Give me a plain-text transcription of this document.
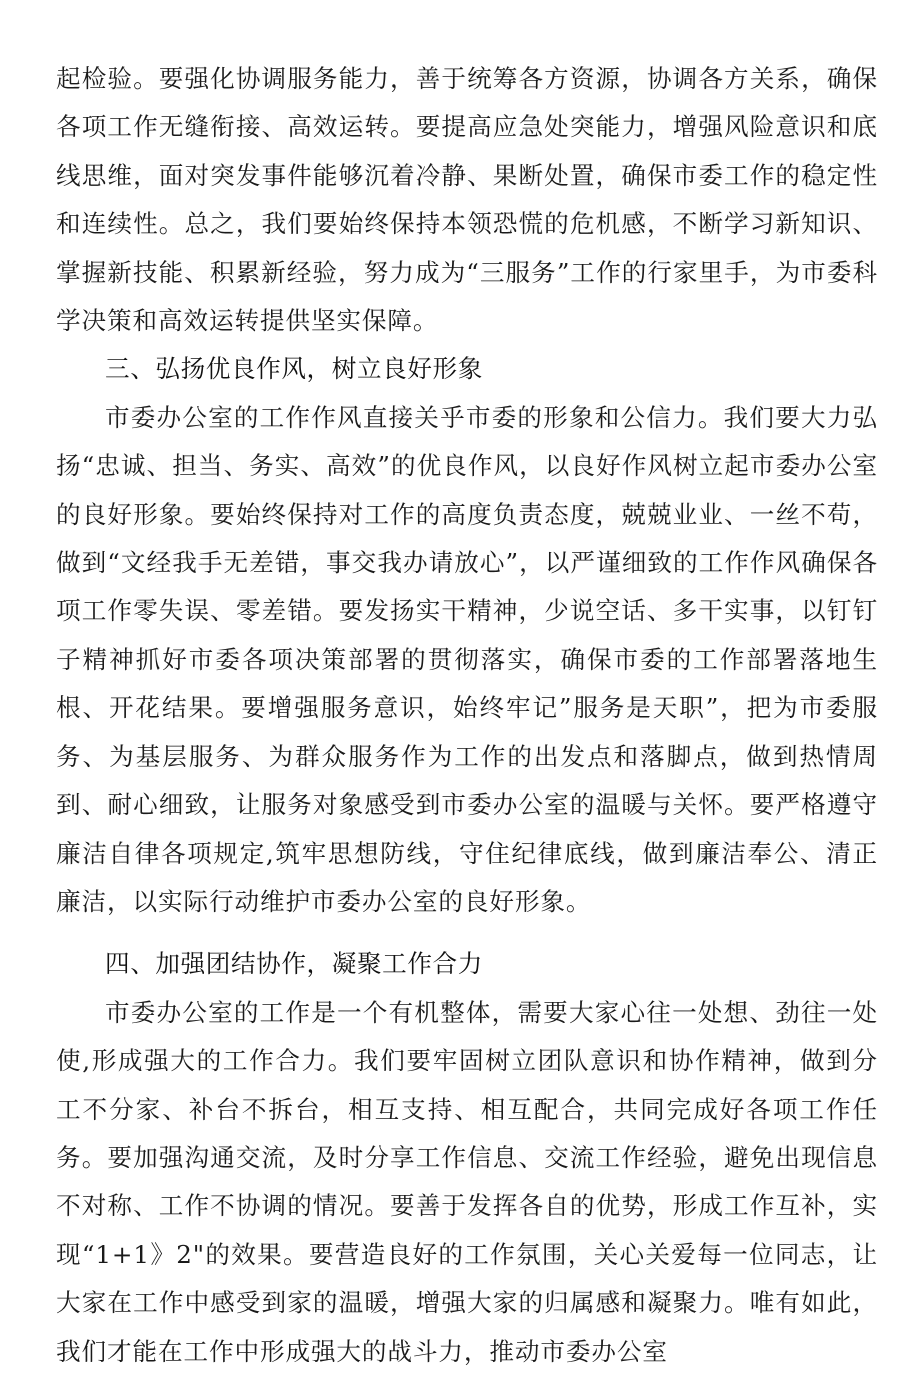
起检验。要强化协调服务能力，善于统筹各方资源，协调各方关系，确保各项工作无缝衔接、高效运转。要提高应急处突能力，增强风险意识和底线思维，面对突发事件能够沉着冷静、果断处置，确保市委工作的稳定性和连续性。总之，我们要始终保持本领恐慌的危机感，不断学习新知识、掌握新技能、积累新经验，努力成为“三服务”工作的行家里手，为市委科学决策和高效运转提供坚实保障。

三、弘扬优良作风，树立良好形象

市委办公室的工作作风直接关乎市委的形象和公信力。我们要大力弘扬“忠诚、担当、务实、高效”的优良作风，以良好作风树立起市委办公室的良好形象。要始终保持对工作的高度负责态度，兢兢业业、一丝不苟，做到“文经我手无差错，事交我办请放心”，以严谨细致的工作作风确保各项工作零失误、零差错。要发扬实干精神，少说空话、多干实事，以钉钉子精神抓好市委各项决策部署的贯彻落实，确保市委的工作部署落地生根、开花结果。要增强服务意识，始终牢记”服务是天职”，把为市委服务、为基层服务、为群众服务作为工作的出发点和落脚点，做到热情周到、耐心细致，让服务对象感受到市委办公室的温暖与关怀。要严格遵守廉洁自律各项规定,筑牢思想防线，守住纪律底线，做到廉洁奉公、清正廉洁，以实际行动维护市委办公室的良好形象。

四、加强团结协作，凝聚工作合力

市委办公室的工作是一个有机整体，需要大家心往一处想、劲往一处使,形成强大的工作合力。我们要牢固树立团队意识和协作精神，做到分工不分家、补台不拆台，相互支持、相互配合，共同完成好各项工作任务。要加强沟通交流，及时分享工作信息、交流工作经验，避免出现信息不对称、工作不协调的情况。要善于发挥各自的优势，形成工作互补，实现“1+1》2"的效果。要营造良好的工作氛围，关心关爱每一位同志，让大家在工作中感受到家的温暖，增强大家的归属感和凝聚力。唯有如此，我们才能在工作中形成强大的战斗力，推动市委办公室
